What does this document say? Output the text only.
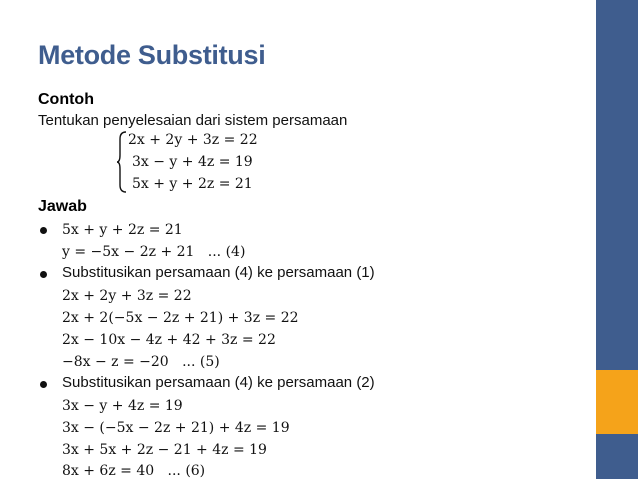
Metode Substitusi
Contoh
Tentukan penyelesaian dari sistem persamaan
2x + 2y + 3z = 22
3x − y + 4z = 19
5x + y + 2z = 21
Jawab
5x + y + 2z = 21
y = −5x − 2z + 21   ... (4)
Substitusikan persamaan (4) ke persamaan (1)
2x + 2y + 3z = 22
2x + 2(−5x − 2z + 21) + 3z = 22
2x − 10x − 4z + 42 + 3z = 22
−8x − z = −20   ... (5)
Substitusikan persamaan (4) ke persamaan (2)
3x − y + 4z = 19
3x − (−5x − 2z + 21) + 4z = 19
3x + 5x + 2z − 21 + 4z = 19
8x + 6z = 40   ... (6)
